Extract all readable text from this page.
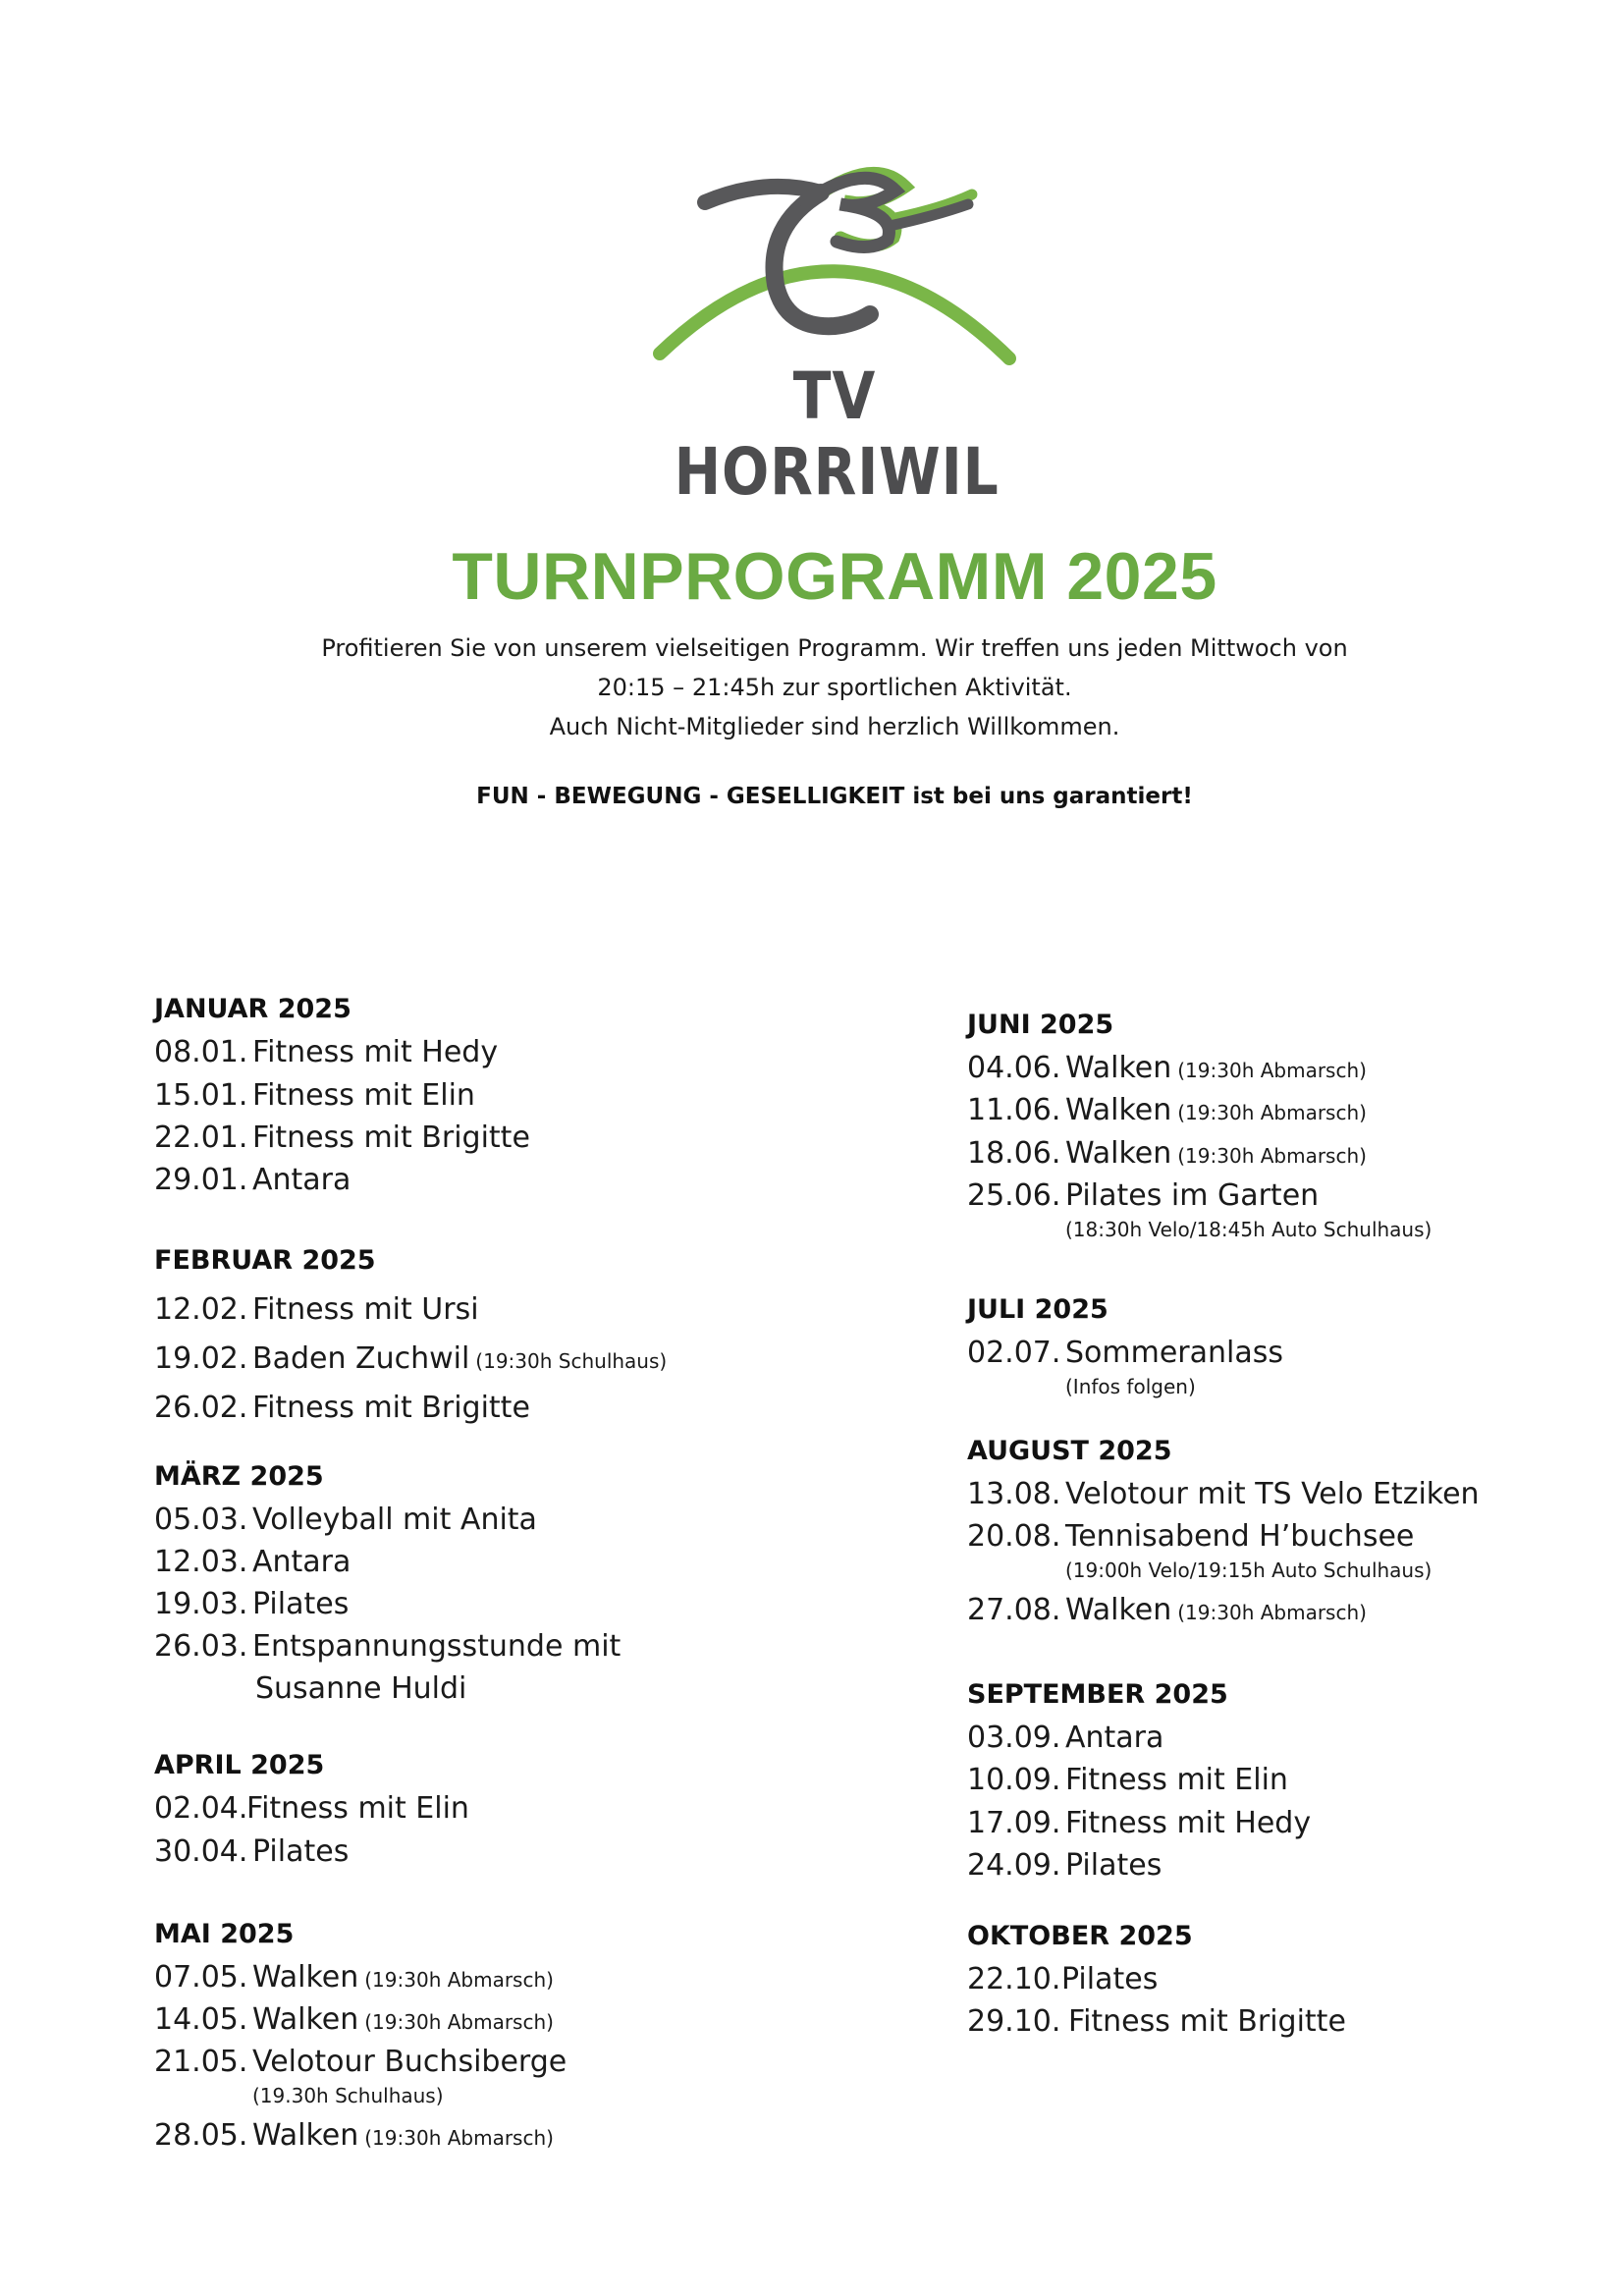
TV HORRIWIL
TURNPROGRAMM 2025
Profitieren Sie von unserem vielseitigen Programm. Wir treffen uns jeden Mittwoch von
20:15 – 21:45h zur sportlichen Aktivität.
Auch Nicht-Mitglieder sind herzlich Willkommen.
FUN - BEWEGUNG - GESELLIGKEIT ist bei uns garantiert!
JANUAR 2025
08.01. Fitness mit Hedy
15.01. Fitness mit Elin
22.01. Fitness mit Brigitte
29.01. Antara
FEBRUAR 2025
12.02. Fitness mit Ursi
19.02. Baden Zuchwil (19:30h Schulhaus)
26.02. Fitness mit Brigitte
MÄRZ 2025
05.03. Volleyball mit Anita
12.03. Antara
19.03. Pilates
26.03. Entspannungsstunde mit
Susanne Huldi
APRIL 2025
02.04.Fitness mit Elin
30.04. Pilates
MAI 2025
07.05. Walken (19:30h Abmarsch)
14.05. Walken (19:30h Abmarsch)
21.05. Velotour Buchsiberge
(19.30h Schulhaus)
28.05. Walken (19:30h Abmarsch)
JUNI 2025
04.06. Walken (19:30h Abmarsch)
11.06. Walken (19:30h Abmarsch)
18.06. Walken (19:30h Abmarsch)
25.06. Pilates im Garten
(18:30h Velo/18:45h Auto Schulhaus)
JULI 2025
02.07. Sommeranlass
(Infos folgen)
AUGUST 2025
13.08. Velotour mit TS Velo Etziken
20.08. Tennisabend H’buchsee
(19:00h Velo/19:15h Auto Schulhaus)
27.08. Walken (19:30h Abmarsch)
SEPTEMBER 2025
03.09. Antara
10.09. Fitness mit Elin
17.09. Fitness mit Hedy
24.09. Pilates
OKTOBER 2025
22.10.Pilates
29.10. Fitness mit Brigitte
